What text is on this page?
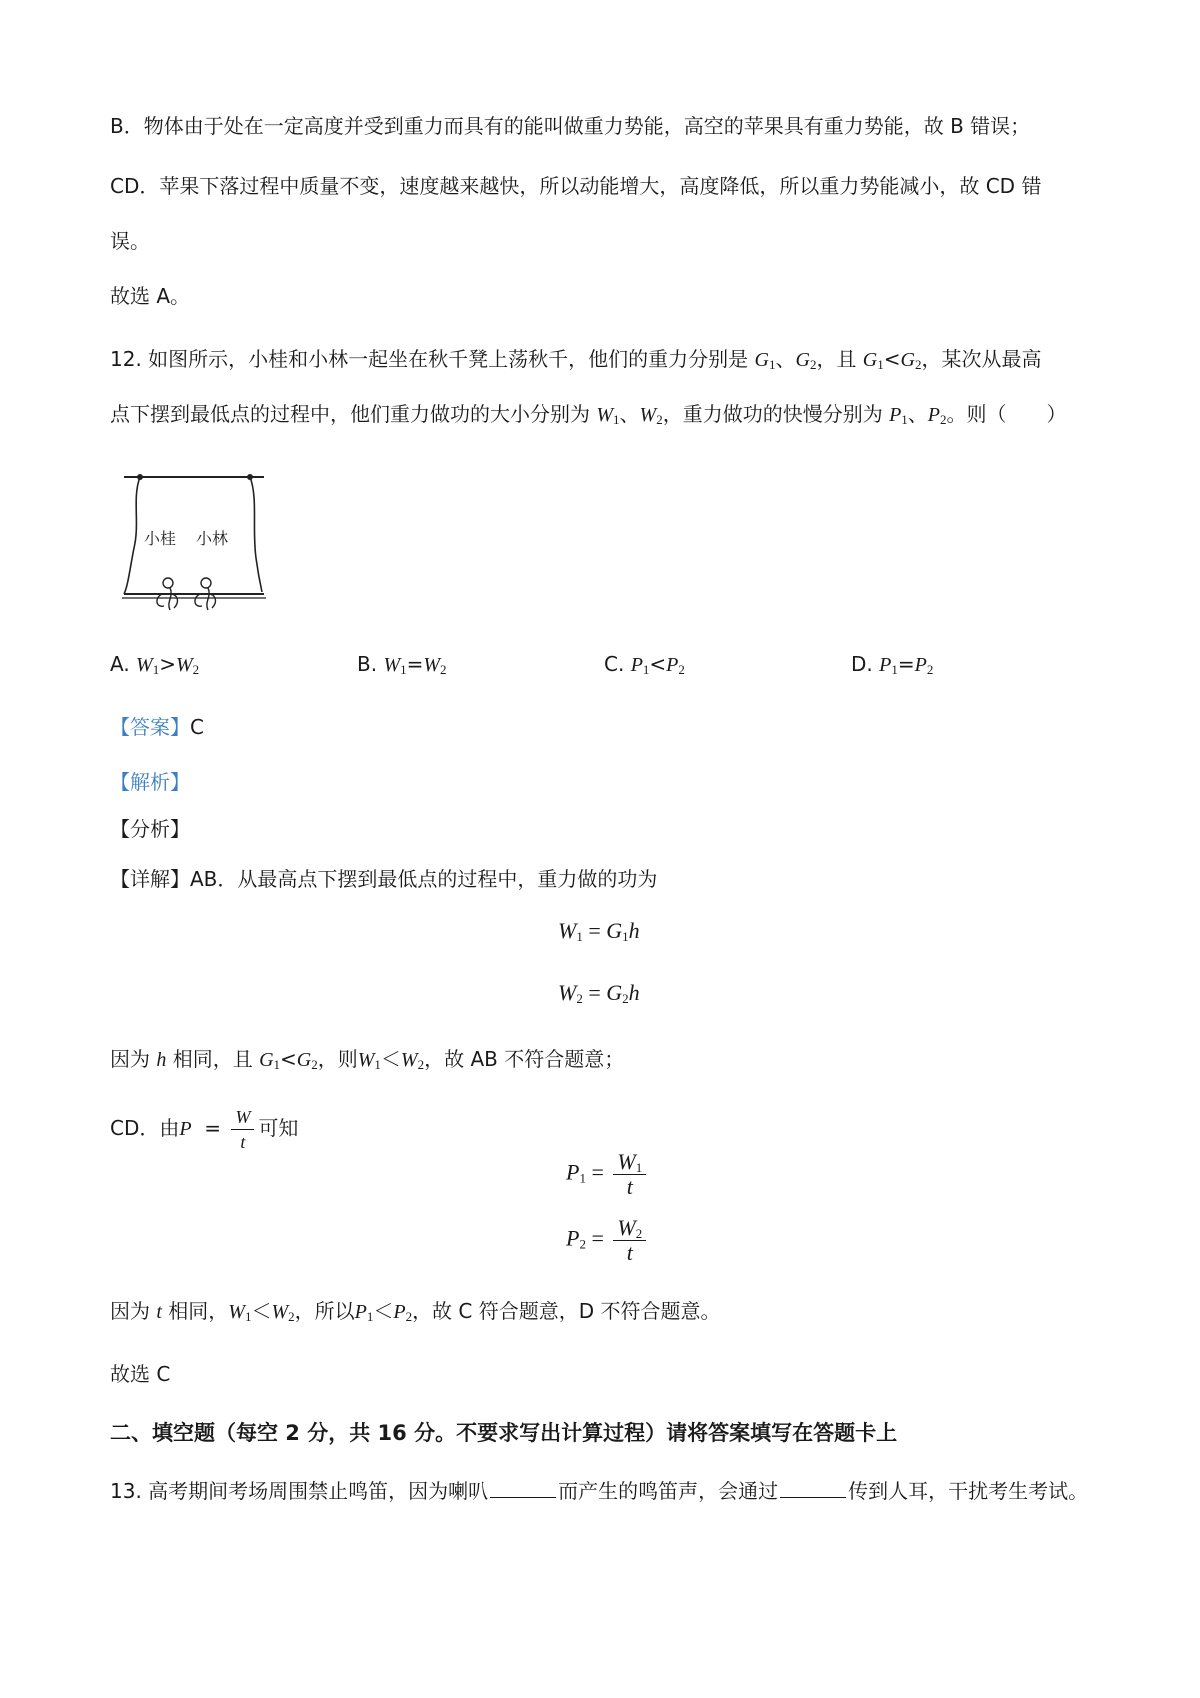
B．物体由于处在一定高度并受到重力而具有的能叫做重力势能，高空的苹果具有重力势能，故 B 错误；
CD．苹果下落过程中质量不变，速度越来越快，所以动能增大，高度降低，所以重力势能减小，故 CD 错
误。
故选 A。
12. 如图所示，小桂和小林一起坐在秋千凳上荡秋千，他们的重力分别是 $G_1$、$G_2$，且 $G_1<G_2$，某次从最高
点下摆到最低点的过程中，他们重力做功的大小分别为 $W_1$、$W_2$，重力做功的快慢分别为 $P_1$、$P_2$。则（　　）
小桂 小林
A. $W_1>W_2$	B. $W_1=W_2$	C. $P_1<P_2$	D. $P_1=P_2$
【答案】C
【解析】
【分析】
【详解】AB．从最高点下摆到最低点的过程中，重力做的功为
$W_1 = G_1h$
$W_2 = G_2h$
因为 h 相同，且 $G_1<G_2$，则$W_1<W_2$，故 AB 不符合题意；
CD．由$P = \frac{W}{t}$ 可知
$P_1 = \frac{W_1}{t}$
$P_2 = \frac{W_2}{t}$
因为 t 相同，$W_1<W_2$，所以$P_1<P_2$，故 C 符合题意，D 不符合题意。
故选 C
二、填空题（每空 2 分，共 16 分。不要求写出计算过程）请将答案填写在答题卡上
13. 高考期间考场周围禁止鸣笛，因为喇叭	而产生的鸣笛声，会通过	传到人耳，干扰考生考试。
